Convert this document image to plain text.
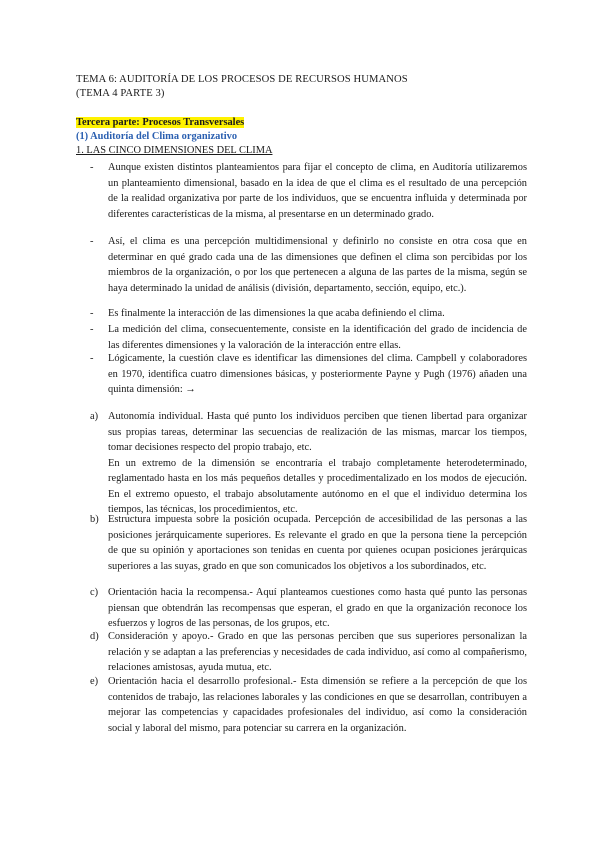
TEMA 6: AUDITORÍA DE LOS PROCESOS DE RECURSOS HUMANOS
(TEMA 4 PARTE 3)
Tercera parte: Procesos Transversales
(1) Auditoría del Clima organizativo
1. LAS CINCO DIMENSIONES DEL CLIMA
- Aunque existen distintos planteamientos para fijar el concepto de clima, en Auditoría utilizaremos un planteamiento dimensional, basado en la idea de que el clima es el resultado de una percepción de la realidad organizativa por parte de los individuos, que se encuentra influida y determinada por diferentes características de la misma, al presentarse en un determinado grado.
- Así, el clima es una percepción multidimensional y definirlo no consiste en otra cosa que en determinar en qué grado cada una de las dimensiones que definen el clima son percibidas por los miembros de la organización, o por los que pertenecen a alguna de las partes de la misma, según se haya determinado la unidad de análisis (división, departamento, sección, equipo, etc.).
- Es finalmente la interacción de las dimensiones la que acaba definiendo el clima.
- La medición del clima, consecuentemente, consiste en la identificación del grado de incidencia de las diferentes dimensiones y la valoración de la interacción entre ellas.
- Lógicamente, la cuestión clave es identificar las dimensiones del clima. Campbell y colaboradores en 1970, identifica cuatro dimensiones básicas, y posteriormente Payne y Pugh (1976) añaden una quinta dimensión: →
a) Autonomía individual. Hasta qué punto los individuos perciben que tienen libertad para organizar sus propias tareas, determinar las secuencias de realización de las mismas, marcar los tiempos, tomar decisiones respecto del propio trabajo, etc.
En un extremo de la dimensión se encontraría el trabajo completamente heterodeterminado, reglamentado hasta en los más pequeños detalles y procedimentalizado en los modos de ejecución. En el extremo opuesto, el trabajo absolutamente autónomo en el que el individuo determina los tiempos, las técnicas, los procedimientos, etc.
b) Estructura impuesta sobre la posición ocupada. Percepción de accesibilidad de las personas a las posiciones jerárquicamente superiores. Es relevante el grado en que la persona tiene la percepción de que su opinión y aportaciones son tenidas en cuenta por quienes ocupan posiciones jerárquicas superiores a las suyas, grado en que son comunicados los objetivos a los subordinados, etc.
c) Orientación hacia la recompensa.- Aquí planteamos cuestiones como hasta qué punto las personas piensan que obtendrán las recompensas que esperan, el grado en que la organización reconoce los esfuerzos y logros de las personas, de los grupos, etc.
d) Consideración y apoyo.- Grado en que las personas perciben que sus superiores personalizan la relación y se adaptan a las preferencias y necesidades de cada individuo, así como al compañerismo, relaciones amistosas, ayuda mutua, etc.
e) Orientación hacia el desarrollo profesional.- Esta dimensión se refiere a la percepción de que los contenidos de trabajo, las relaciones laborales y las condiciones en que se desarrollan, contribuyen a mejorar las competencias y capacidades profesionales del individuo, así como la consideración social y laboral del mismo, para potenciar su carrera en la organización.
